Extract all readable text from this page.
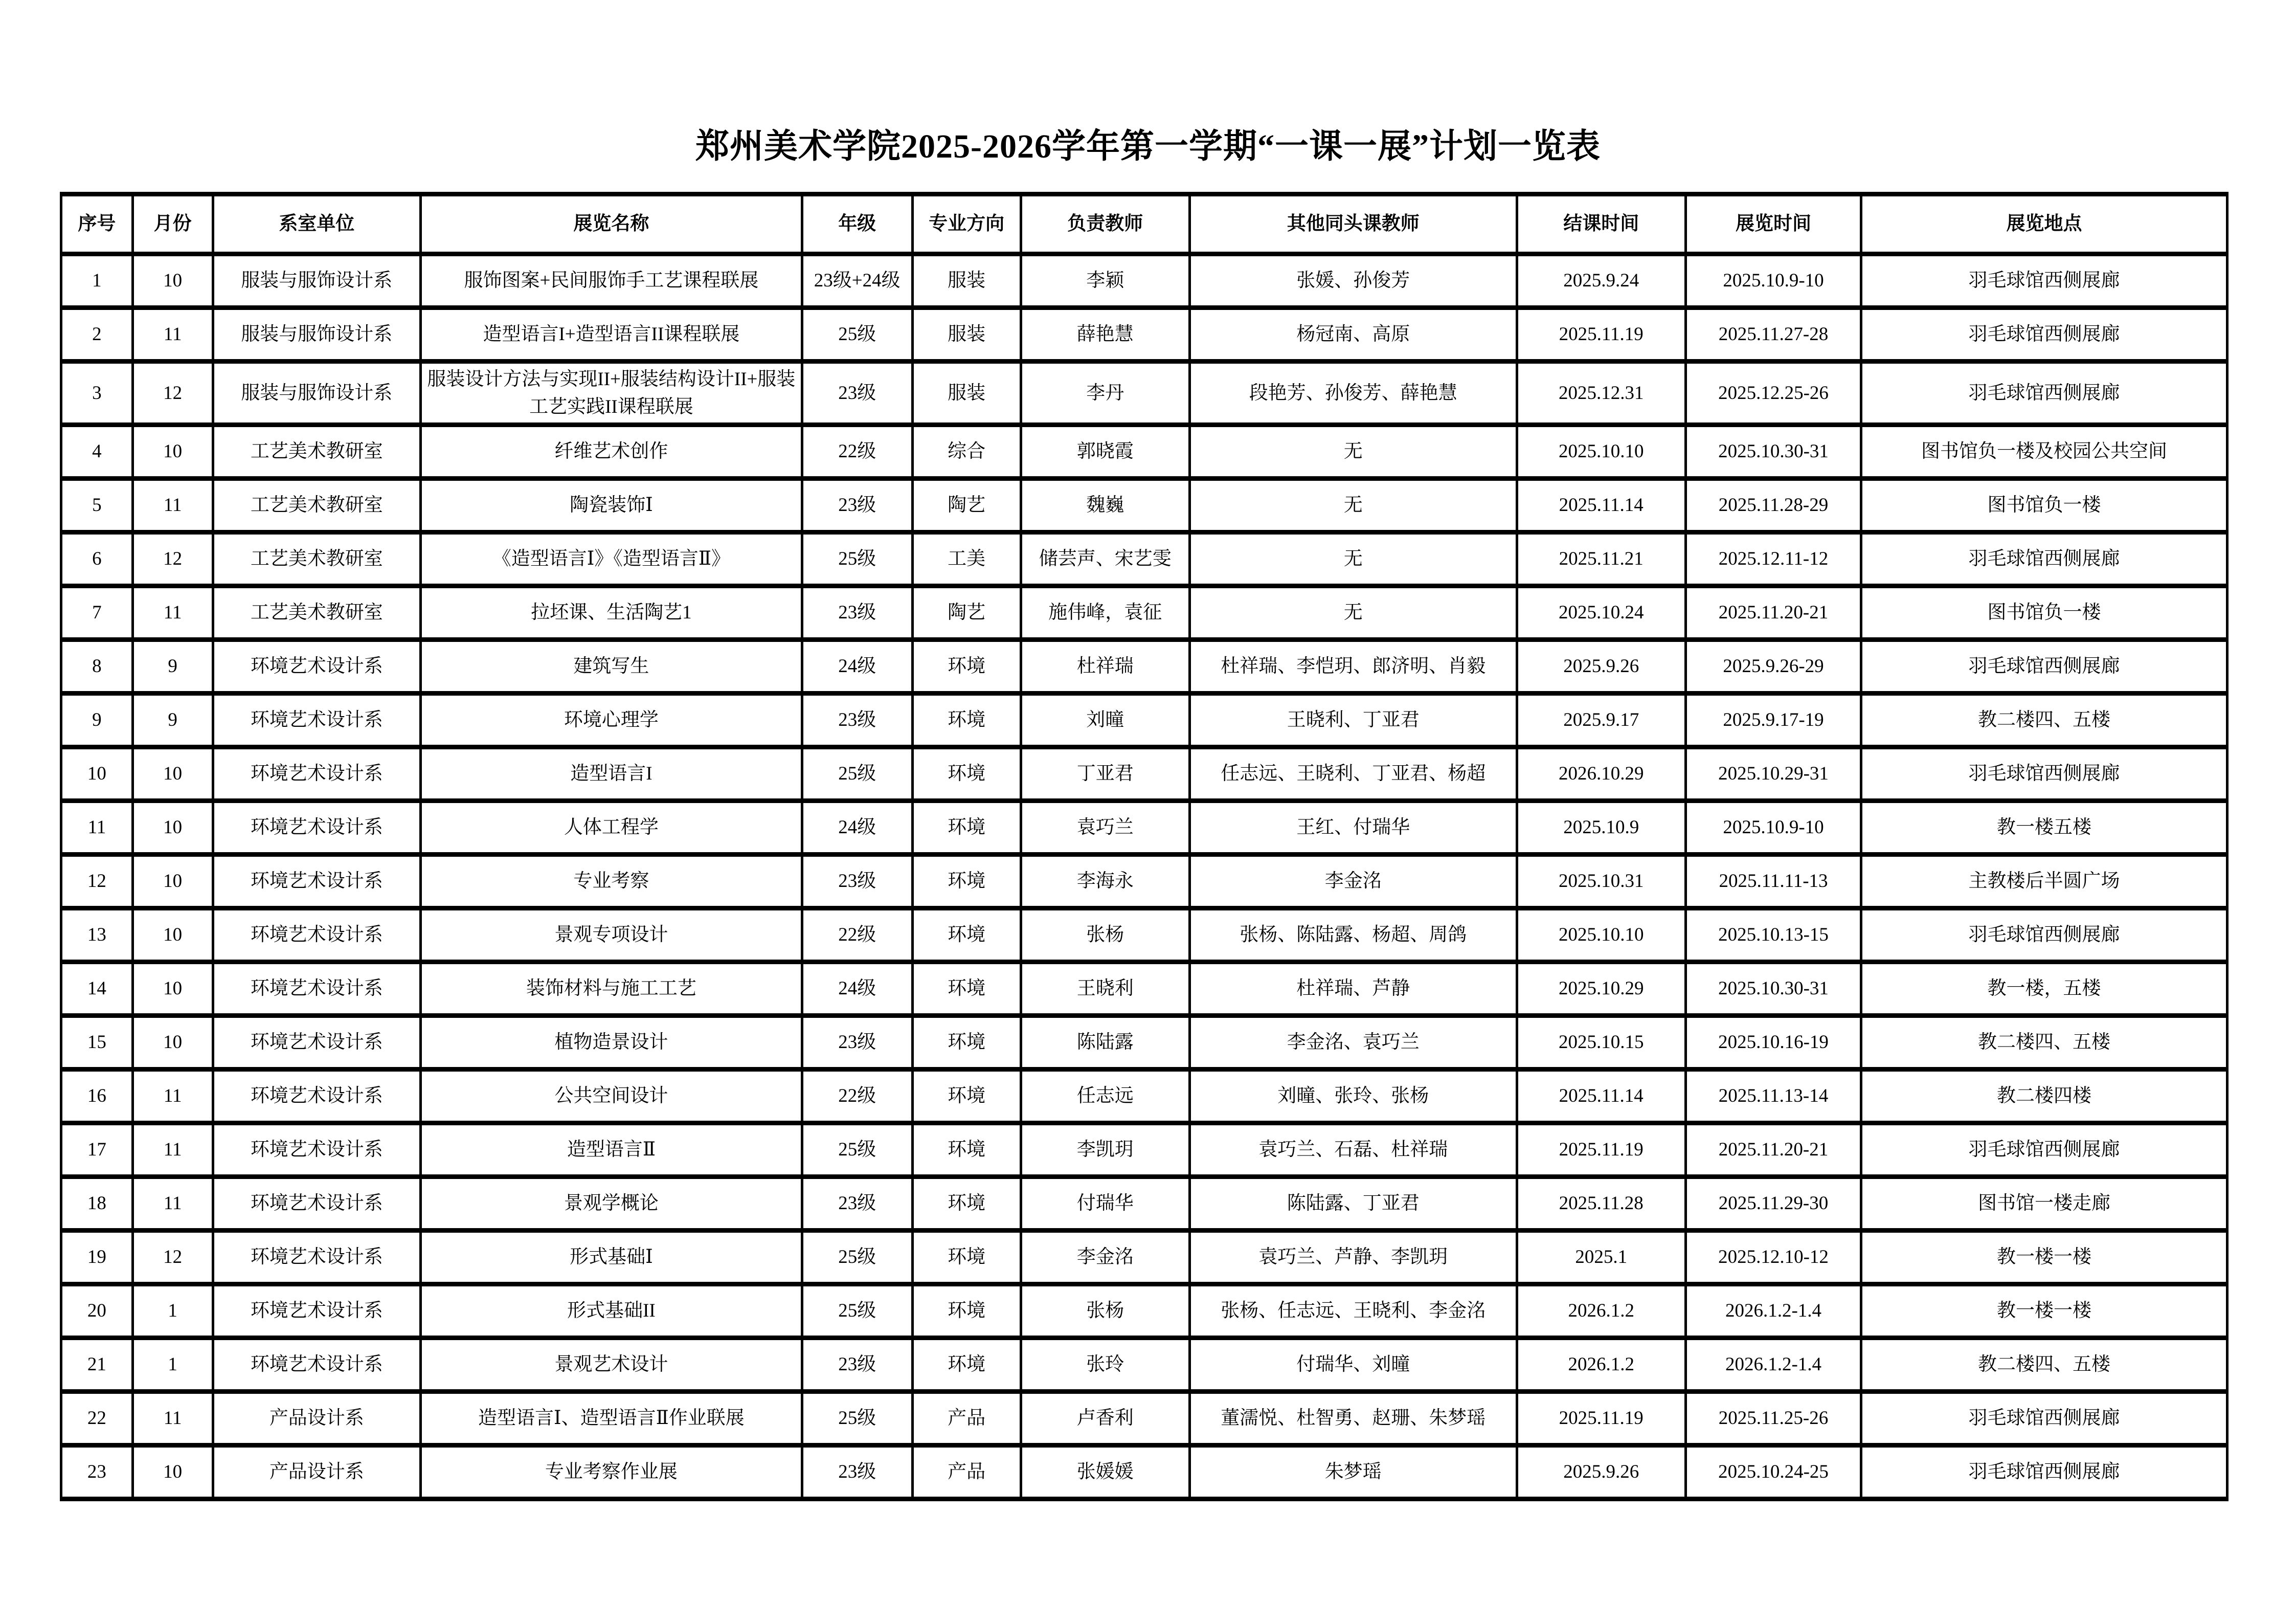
郑州美术学院2025-2026学年第一学期“一课一展”计划一览表
序号	月份	系室单位	展览名称	年级	专业方向	负责教师	其他同头课教师	结课时间	展览时间	展览地点
1	10	服装与服饰设计系	服饰图案+民间服饰手工艺课程联展	23级+24级	服装	李颖	张媛、孙俊芳	2025.9.24	2025.10.9-10	羽毛球馆西侧展廊
2	11	服装与服饰设计系	造型语言I+造型语言II课程联展	25级	服装	薛艳慧	杨冠南、高原	2025.11.19	2025.11.27-28	羽毛球馆西侧展廊
3	12	服装与服饰设计系	服装设计方法与实现II+服装结构设计II+服装工艺实践II课程联展	23级	服装	李丹	段艳芳、孙俊芳、薛艳慧	2025.12.31	2025.12.25-26	羽毛球馆西侧展廊
4	10	工艺美术教研室	纤维艺术创作	22级	综合	郭晓霞	无	2025.10.10	2025.10.30-31	图书馆负一楼及校园公共空间
5	11	工艺美术教研室	陶瓷装饰Ⅰ	23级	陶艺	魏巍	无	2025.11.14	2025.11.28-29	图书馆负一楼
6	12	工艺美术教研室	《造型语言Ⅰ》《造型语言Ⅱ》	25级	工美	储芸声、宋艺雯	无	2025.11.21	2025.12.11-12	羽毛球馆西侧展廊
7	11	工艺美术教研室	拉坯课、生活陶艺1	23级	陶艺	施伟峰，袁征	无	2025.10.24	2025.11.20-21	图书馆负一楼
8	9	环境艺术设计系	建筑写生	24级	环境	杜祥瑞	杜祥瑞、李恺玥、郎济明、肖毅	2025.9.26	2025.9.26-29	羽毛球馆西侧展廊
9	9	环境艺术设计系	环境心理学	23级	环境	刘曈	王晓利、丁亚君	2025.9.17	2025.9.17-19	教二楼四、五楼
10	10	环境艺术设计系	造型语言I	25级	环境	丁亚君	任志远、王晓利、丁亚君、杨超	2026.10.29	2025.10.29-31	羽毛球馆西侧展廊
11	10	环境艺术设计系	人体工程学	24级	环境	袁巧兰	王红、付瑞华	2025.10.9	2025.10.9-10	教一楼五楼
12	10	环境艺术设计系	专业考察	23级	环境	李海永	李金洺	2025.10.31	2025.11.11-13	主教楼后半圆广场
13	10	环境艺术设计系	景观专项设计	22级	环境	张杨	张杨、陈陆露、杨超、周鸽	2025.10.10	2025.10.13-15	羽毛球馆西侧展廊
14	10	环境艺术设计系	装饰材料与施工工艺	24级	环境	王晓利	杜祥瑞、芦静	2025.10.29	2025.10.30-31	教一楼，五楼
15	10	环境艺术设计系	植物造景设计	23级	环境	陈陆露	李金洺、袁巧兰	2025.10.15	2025.10.16-19	教二楼四、五楼
16	11	环境艺术设计系	公共空间设计	22级	环境	任志远	刘曈、张玲、张杨	2025.11.14	2025.11.13-14	教二楼四楼
17	11	环境艺术设计系	造型语言Ⅱ	25级	环境	李凯玥	袁巧兰、石磊、杜祥瑞	2025.11.19	2025.11.20-21	羽毛球馆西侧展廊
18	11	环境艺术设计系	景观学概论	23级	环境	付瑞华	陈陆露、丁亚君	2025.11.28	2025.11.29-30	图书馆一楼走廊
19	12	环境艺术设计系	形式基础Ⅰ	25级	环境	李金洺	袁巧兰、芦静、李凯玥	2025.1	2025.12.10-12	教一楼一楼
20	1	环境艺术设计系	形式基础II	25级	环境	张杨	张杨、任志远、王晓利、李金洺	2026.1.2	2026.1.2-1.4	教一楼一楼
21	1	环境艺术设计系	景观艺术设计	23级	环境	张玲	付瑞华、刘曈	2026.1.2	2026.1.2-1.4	教二楼四、五楼
22	11	产品设计系	造型语言Ⅰ、造型语言Ⅱ作业联展	25级	产品	卢香利	董濡悦、杜智勇、赵珊、朱梦瑶	2025.11.19	2025.11.25-26	羽毛球馆西侧展廊
23	10	产品设计系	专业考察作业展	23级	产品	张媛媛	朱梦瑶	2025.9.26	2025.10.24-25	羽毛球馆西侧展廊
